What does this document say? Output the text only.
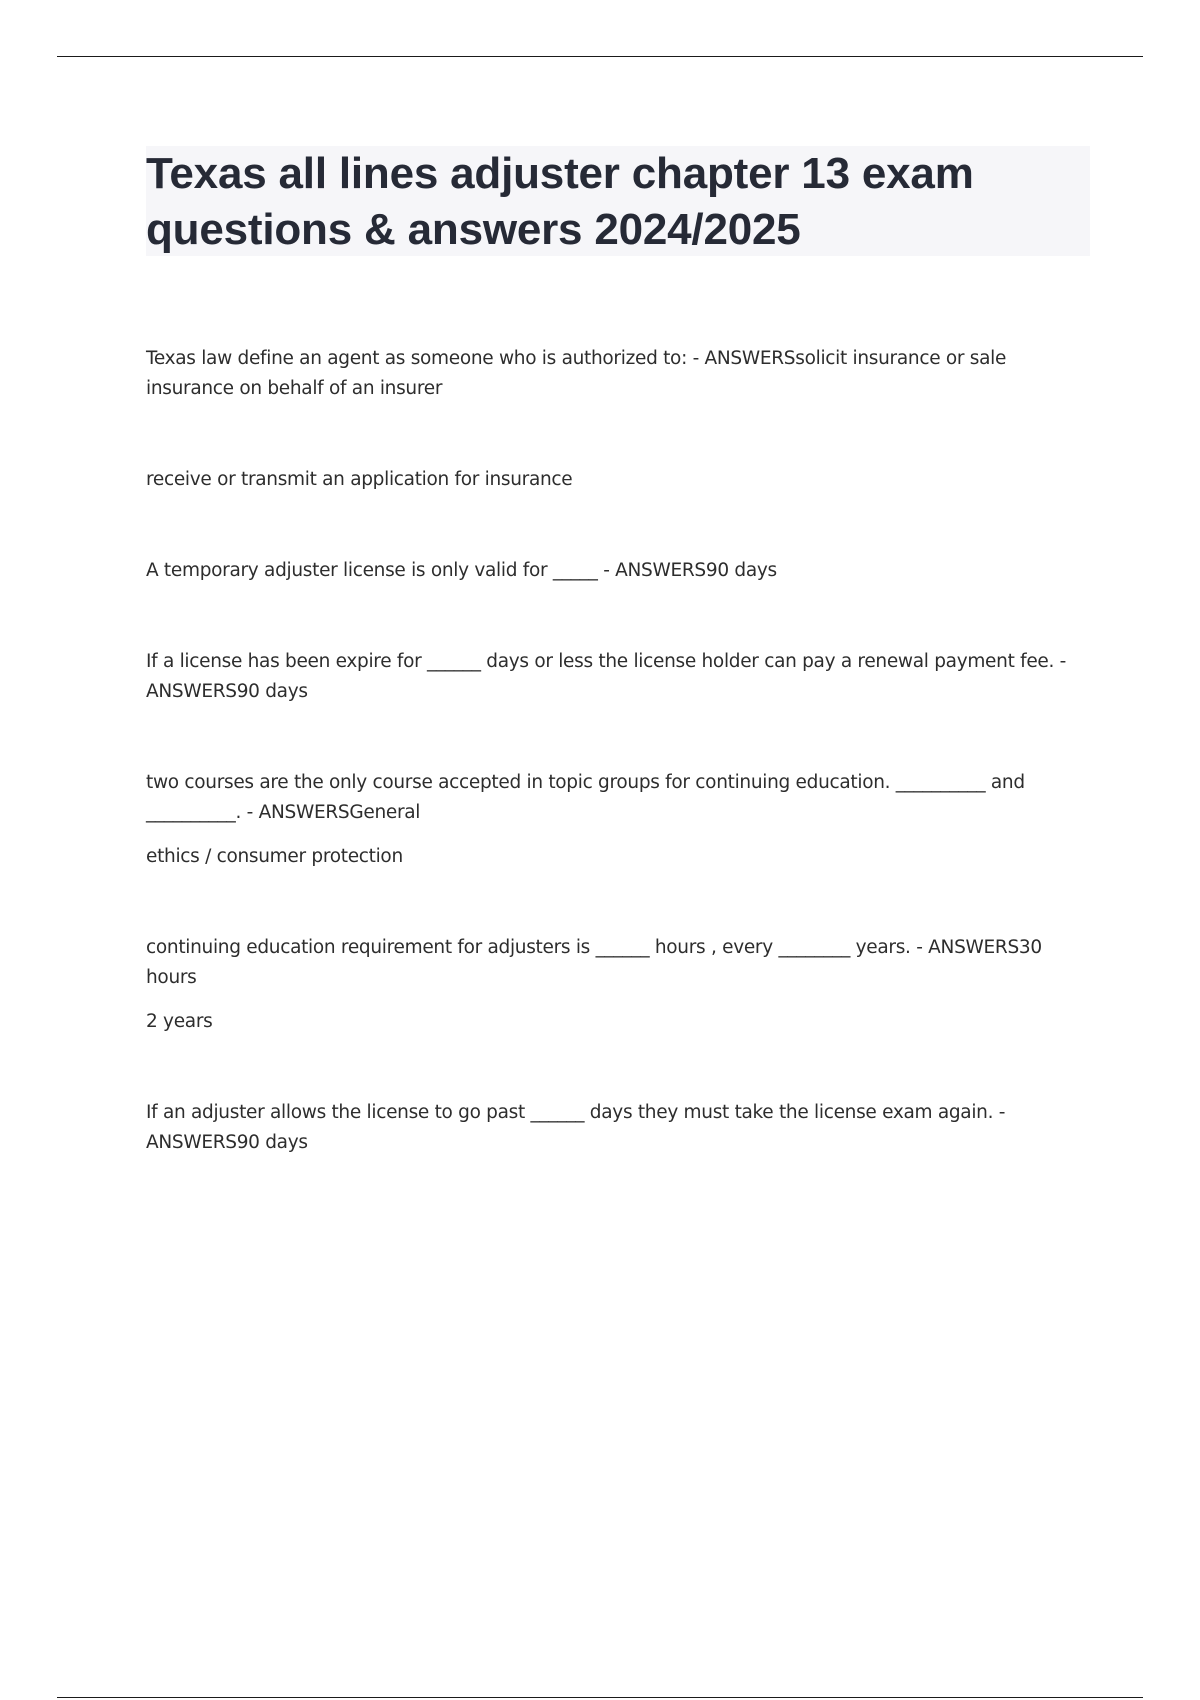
Texas all lines adjuster chapter 13 exam questions & answers 2024/2025

Texas law define an agent as someone who is authorized to: - ANSWERSsolicit insurance or sale insurance on behalf of an insurer

receive or transmit an application for insurance

A temporary adjuster license is only valid for _____ - ANSWERS90 days

If a license has been expire for ______ days or less the license holder can pay a renewal payment fee. - ANSWERS90 days

two courses are the only course accepted in topic groups for continuing education. __________ and __________. - ANSWERSGeneral

ethics / consumer protection

continuing education requirement for adjusters is ______ hours , every ________ years. - ANSWERS30 hours

2 years

If an adjuster allows the license to go past ______ days they must take the license exam again. - ANSWERS90 days
